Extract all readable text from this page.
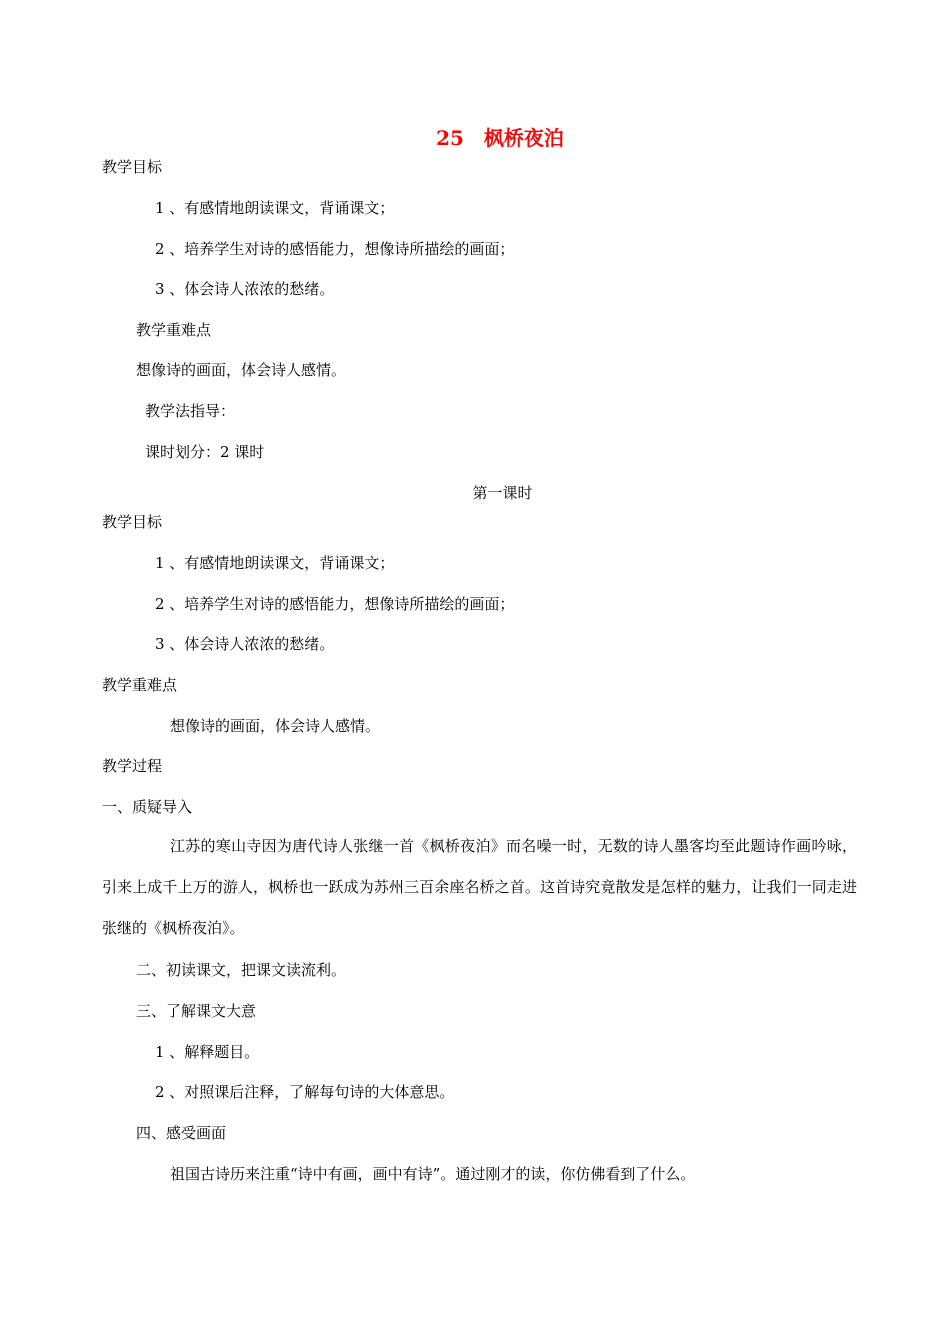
25　枫桥夜泊
教学目标
1 、有感情地朗读课文，背诵课文；
2 、培养学生对诗的感悟能力，想像诗所描绘的画面；
3 、体会诗人浓浓的愁绪。
教学重难点
想像诗的画面，体会诗人感情。
教学法指导：
课时划分：2 课时
第一课时
教学目标
1 、有感情地朗读课文，背诵课文；
2 、培养学生对诗的感悟能力，想像诗所描绘的画面；
3 、体会诗人浓浓的愁绪。
教学重难点
想像诗的画面，体会诗人感情。
教学过程
一、质疑导入
江苏的寒山寺因为唐代诗人张继一首《枫桥夜泊》而名噪一时，无数的诗人墨客均至此题诗作画吟咏，引来上成千上万的游人，枫桥也一跃成为苏州三百余座名桥之首。这首诗究竟散发是怎样的魅力，让我们一同走进张继的《枫桥夜泊》。
二、初读课文，把课文读流利。
三、了解课文大意
1 、解释题目。
2 、对照课后注释，了解每句诗的大体意思。
四、感受画面
祖国古诗历来注重“诗中有画，画中有诗”。通过刚才的读，你仿佛看到了什么。
